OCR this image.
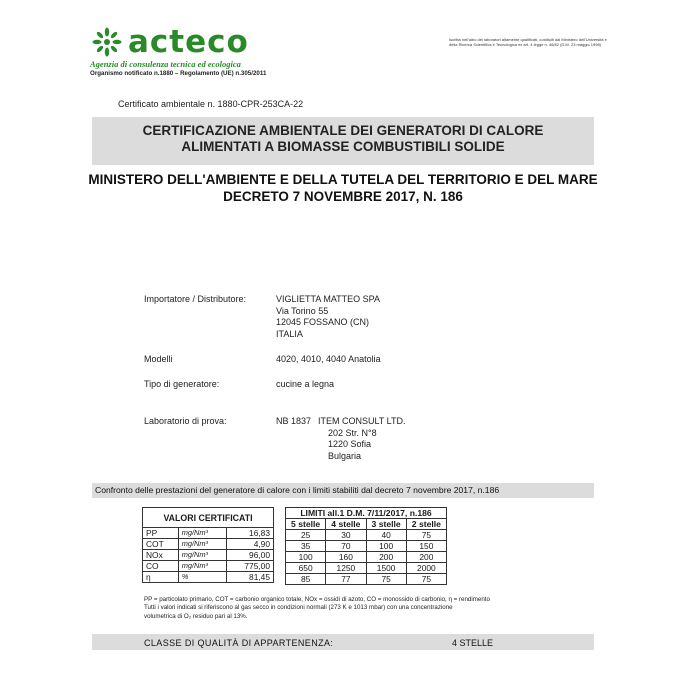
acteco
Agenzia di consulenza tecnica ed ecologica
Organismo notificato n.1880 – Regolamento (UE) n.305/2011
Iscritta nell'albo dei laboratori altamente qualificati, costituiti dal Ministero dell'Università e della Ricerca Scientifica e Tecnologica ex art. 4 legge n. 46/82 (D.M. 23 maggio 1998)
Certificato ambientale n. 1880-CPR-253CA-22
CERTIFICAZIONE AMBIENTALE DEI GENERATORI DI CALORE
ALIMENTATI A BIOMASSE COMBUSTIBILI SOLIDE
MINISTERO DELL'AMBIENTE E DELLA TUTELA DEL TERRITORIO E DEL MARE
DECRETO 7 NOVEMBRE 2017, N. 186
Importatore / Distributore:	VIGLIETTA MATTEO SPA
Via Torino 55
12045 FOSSANO (CN)
ITALIA
Modelli	4020, 4010, 4040 Anatolia
Tipo di generatore:	cucine a legna
Laboratorio di prova:	NB 1837 ITEM CONSULT LTD.
202 Str. N°8
1220 Sofia
Bulgaria
Confronto delle prestazioni del generatore di calore con i limiti stabiliti dal decreto 7 novembre 2017, n.186
VALORI CERTIFICATI		
PP	mg/Nm³	16,83
COT	mg/Nm³	4,90
NOx	mg/Nm³	96,00
CO	mg/Nm³	775,00
η	%	81,45
LIMITI all.1 D.M. 7/11/2017, n.186			
5 stelle	4 stelle	3 stelle	2 stelle
25	30	40	75
35	70	100	150
100	160	200	200
650	1250	1500	2000
85	77	75	75
PP = particolato primario, COT = carbonio organico totale, NOx = ossidi di azoto, CO = monossido di carbonio, η = rendimento
Tutti i valori indicati si riferiscono al gas secco in condizioni normali (273 K e 1013 mbar) con una concentrazione
volumetrica di O₂ residuo pari al 13%.
CLASSE DI QUALITÀ DI APPARTENENZA:	4 STELLE
